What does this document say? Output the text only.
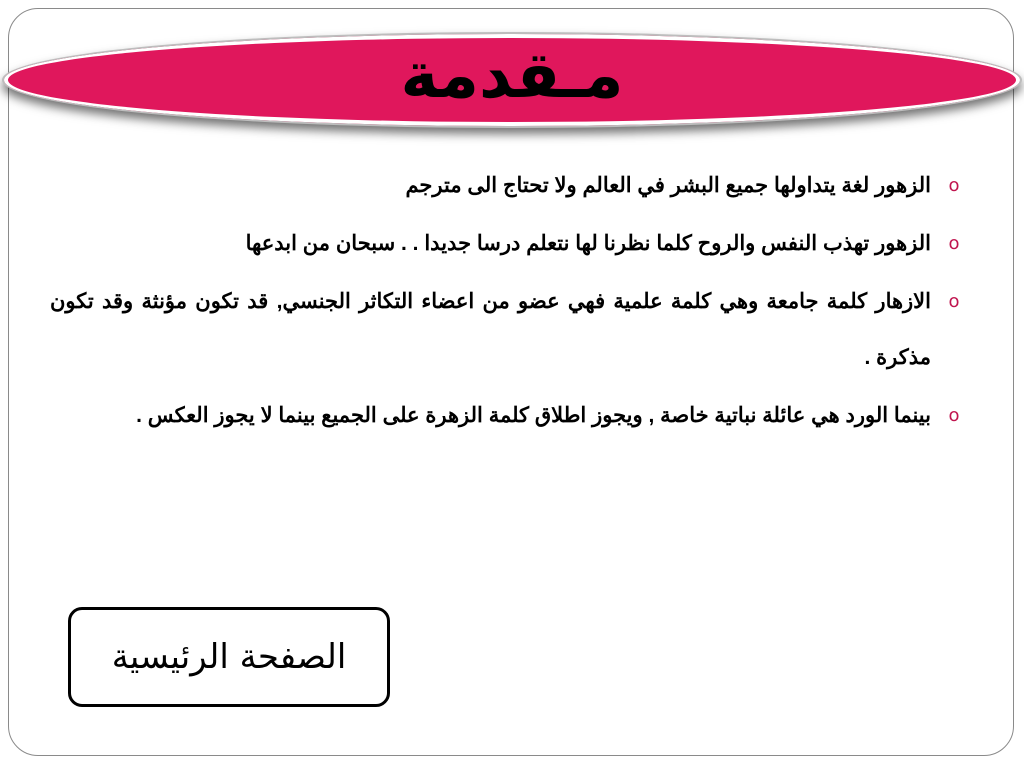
مـقدمة
o
الزهور لغة يتداولها جميع البشر في العالم ولا تحتاج الى مترجم
o
الزهور تهذب النفس والروح كلما نظرنا لها نتعلم درسا جديدا . . سبحان من ابدعها
o
الازهار كلمة جامعة وهي كلمة علمية فهي عضو من اعضاء التكاثر الجنسي, قد تكون مؤنثة وقد تكون مذكرة .
o
بينما الورد هي عائلة نباتية خاصة , ويجوز اطلاق كلمة الزهرة على الجميع بينما لا يجوز العكس .
الصفحة الرئيسية
